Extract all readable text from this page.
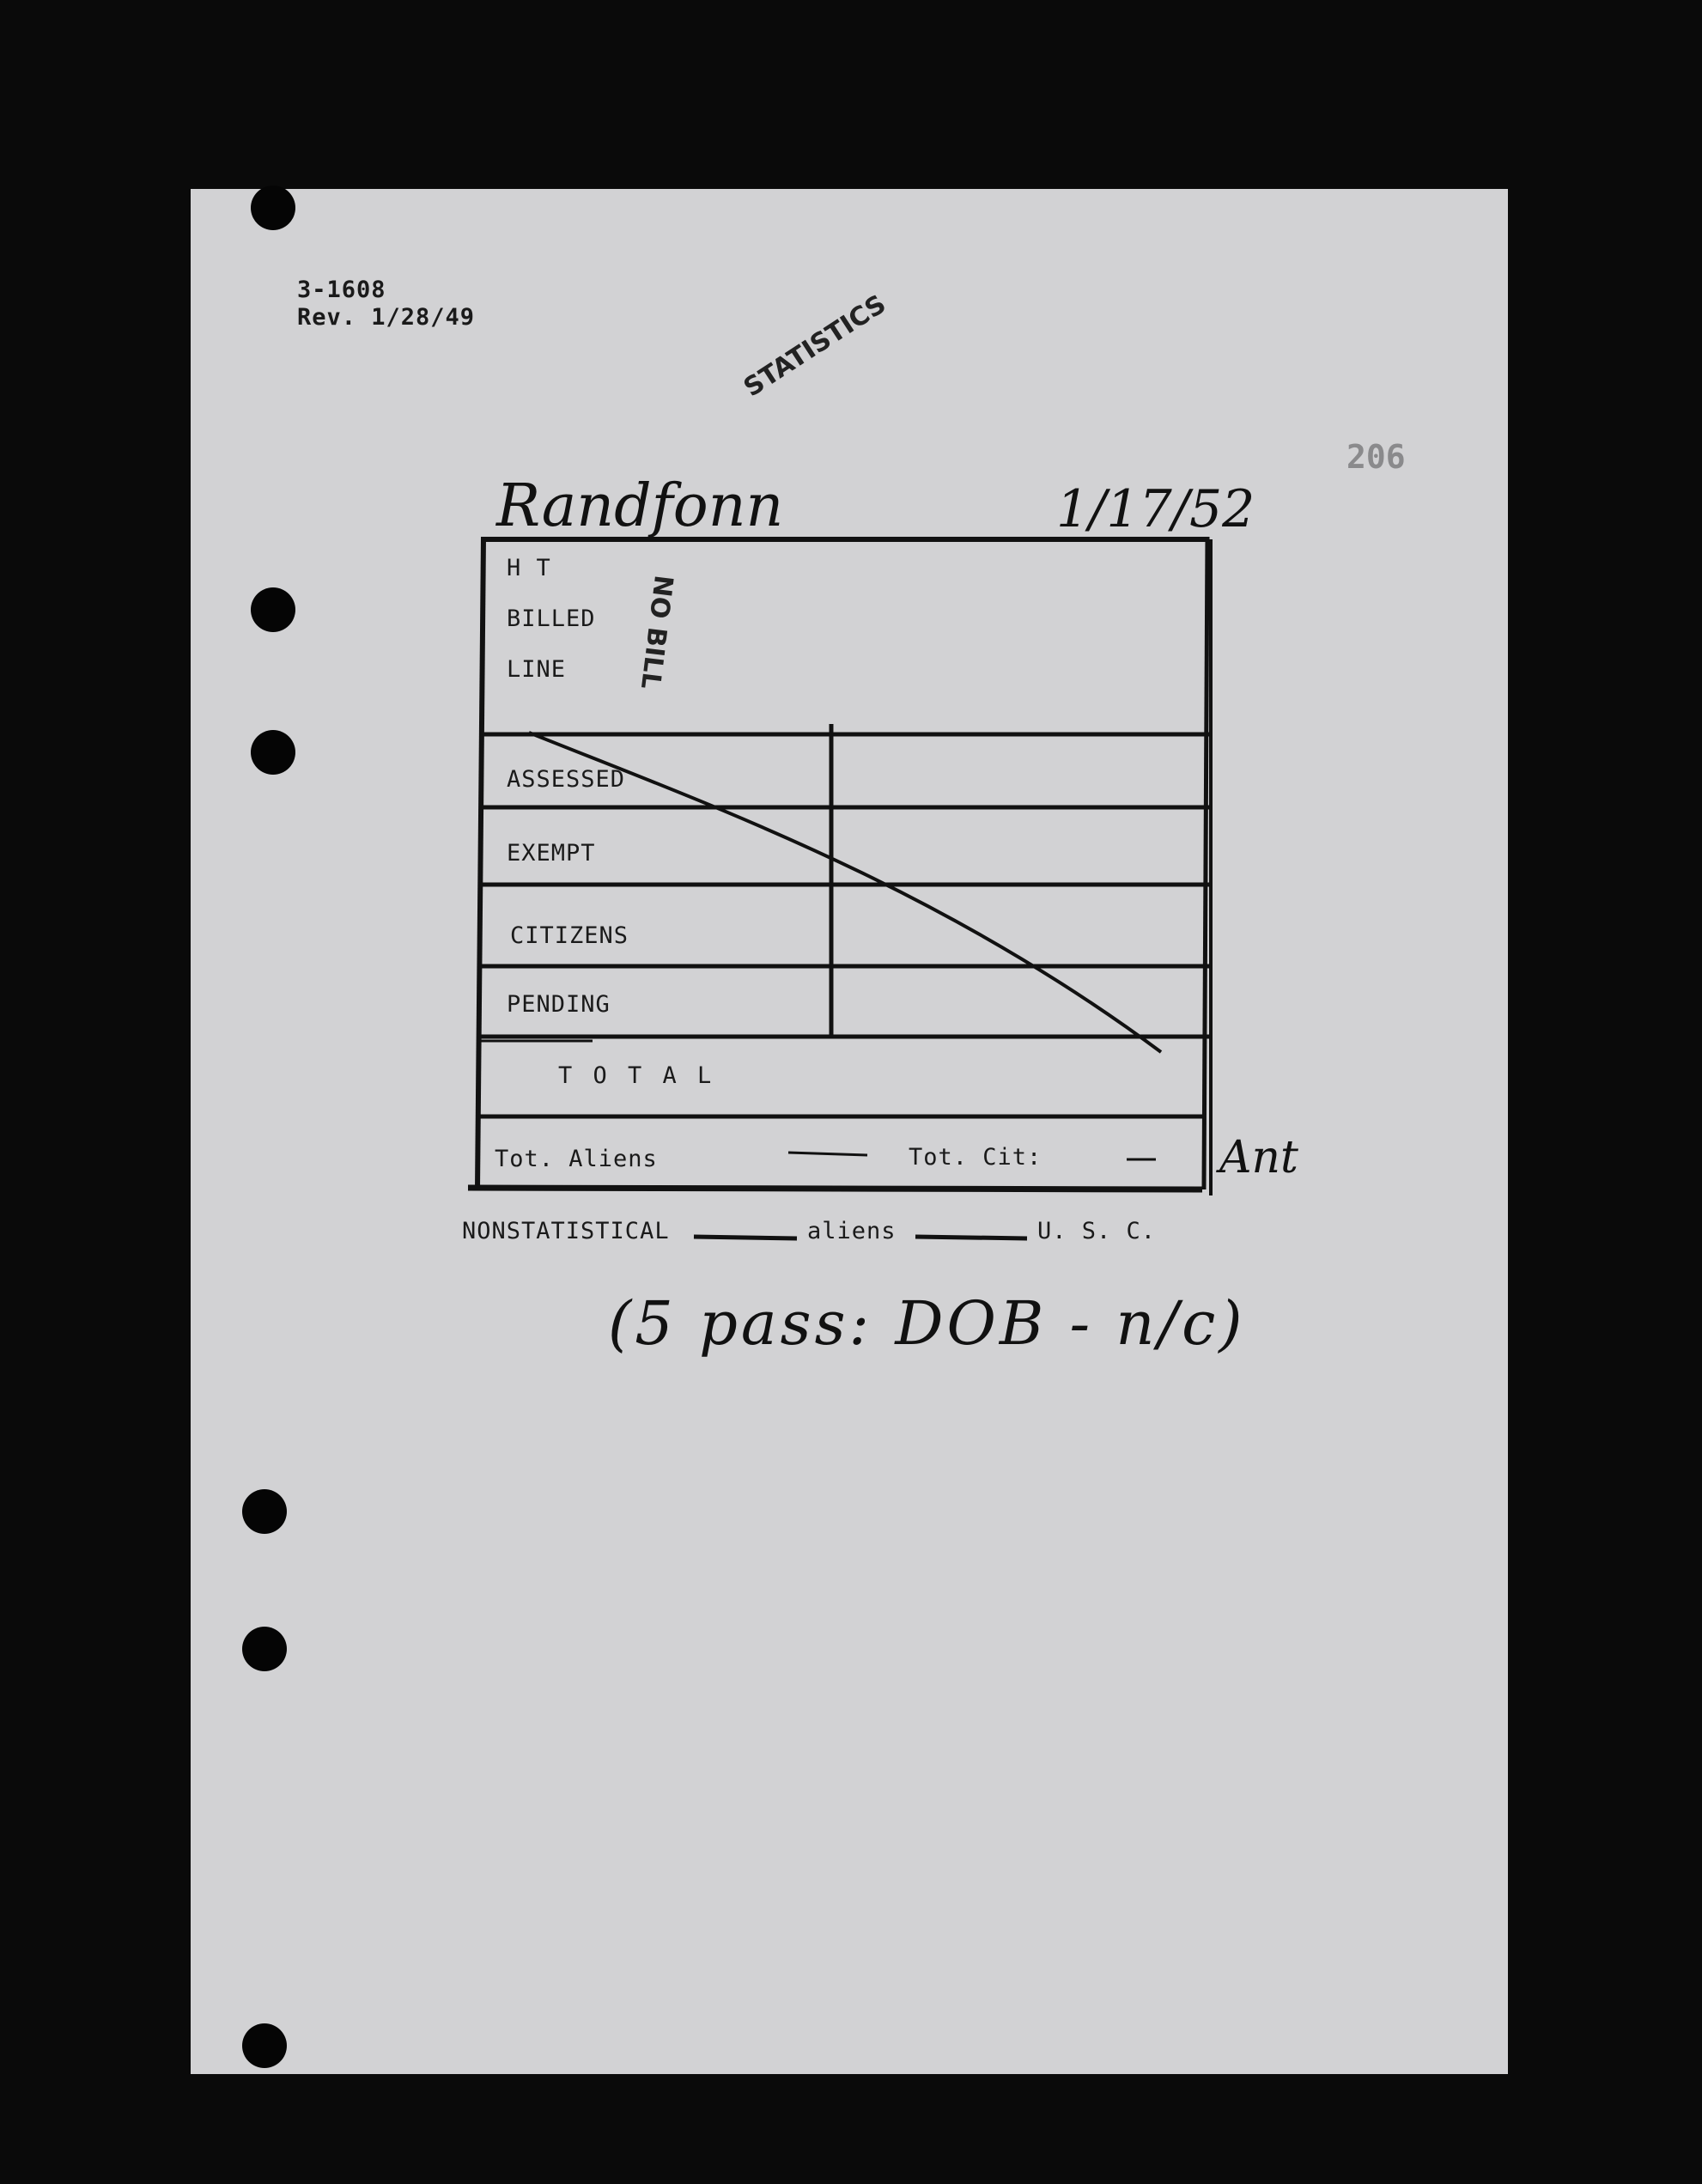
3-1608
Rev. 1/28/49	STATISTICS
206
Randfonn	1/17/52
H T
BILLED
LINE	NO BILL
ASSESSED
EXEMPT
CITIZENS
PENDING
T O T A L
Tot. Aliens	Tot. Cit:	Ant
NONSTATISTICAL	aliens	U. S. C.
(5 pass: DOB - n/c)
